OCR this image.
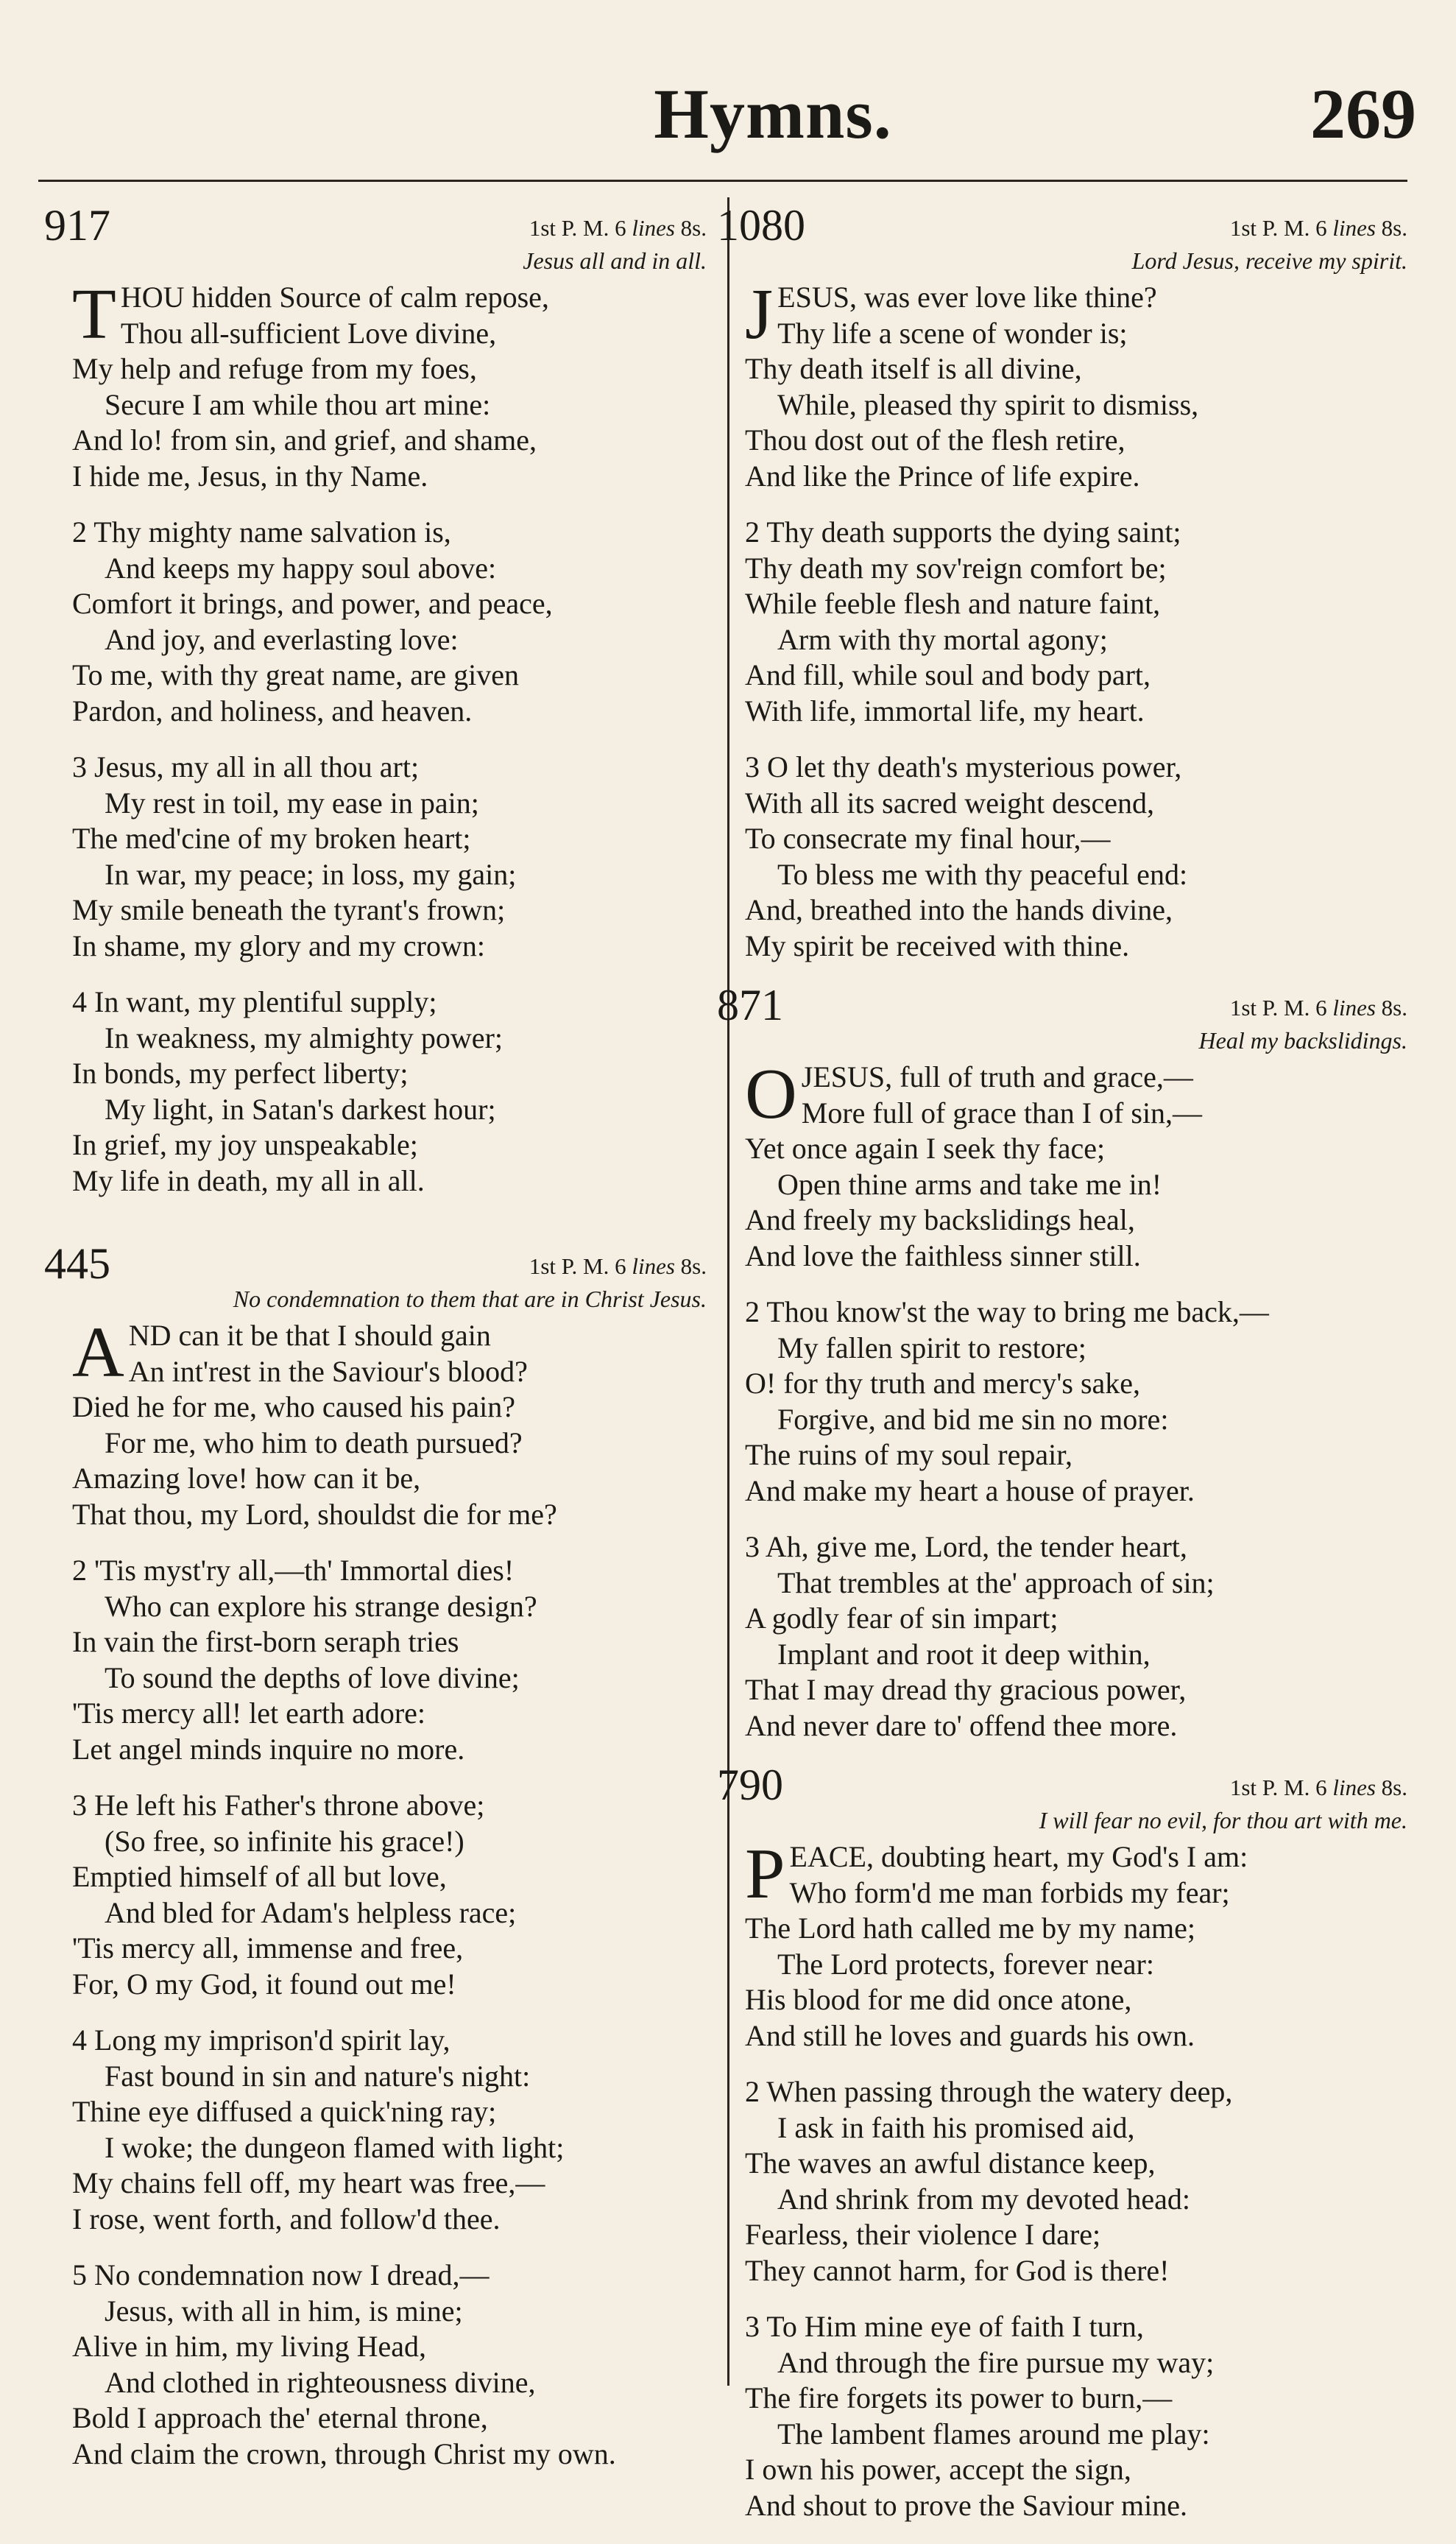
Hymns.	269
917	1st P. M. 6 lines 8s.
Jesus all and in all.
T HOU hidden Source of calm repose,
Thou all-sufficient Love divine,
My help and refuge from my foes,
Secure I am while thou art mine:
And lo! from sin, and grief, and shame,
I hide me, Jesus, in thy Name.
2 Thy mighty name salvation is,
And keeps my happy soul above:
Comfort it brings, and power, and peace,
And joy, and everlasting love:
To me, with thy great name, are given
Pardon, and holiness, and heaven.
3 Jesus, my all in all thou art;
My rest in toil, my ease in pain;
The med'cine of my broken heart;
In war, my peace; in loss, my gain;
My smile beneath the tyrant's frown;
In shame, my glory and my crown:
4 In want, my plentiful supply;
In weakness, my almighty power;
In bonds, my perfect liberty;
My light, in Satan's darkest hour;
In grief, my joy unspeakable;
My life in death, my all in all.
445	1st P. M. 6 lines 8s.
No condemnation to them that are in Christ Jesus.
A ND can it be that I should gain
An int'rest in the Saviour's blood?
Died he for me, who caused his pain?
For me, who him to death pursued?
Amazing love! how can it be,
That thou, my Lord, shouldst die for me?
2 'Tis myst'ry all,—th' Immortal dies!
Who can explore his strange design?
In vain the first-born seraph tries
To sound the depths of love divine;
'Tis mercy all! let earth adore:
Let angel minds inquire no more.
3 He left his Father's throne above;
(So free, so infinite his grace!)
Emptied himself of all but love,
And bled for Adam's helpless race;
'Tis mercy all, immense and free,
For, O my God, it found out me!
4 Long my imprison'd spirit lay,
Fast bound in sin and nature's night:
Thine eye diffused a quick'ning ray;
I woke; the dungeon flamed with light;
My chains fell off, my heart was free,—
I rose, went forth, and follow'd thee.
5 No condemnation now I dread,—
Jesus, with all in him, is mine;
Alive in him, my living Head,
And clothed in righteousness divine,
Bold I approach the' eternal throne,
And claim the crown, through Christ my own.
1080	1st P. M. 6 lines 8s.
Lord Jesus, receive my spirit.
J ESUS, was ever love like thine?
Thy life a scene of wonder is;
Thy death itself is all divine,
While, pleased thy spirit to dismiss,
Thou dost out of the flesh retire,
And like the Prince of life expire.
2 Thy death supports the dying saint;
Thy death my sov'reign comfort be;
While feeble flesh and nature faint,
Arm with thy mortal agony;
And fill, while soul and body part,
With life, immortal life, my heart.
3 O let thy death's mysterious power,
With all its sacred weight descend,
To consecrate my final hour,—
To bless me with thy peaceful end:
And, breathed into the hands divine,
My spirit be received with thine.
871	1st P. M. 6 lines 8s.
Heal my backslidings.
O JESUS, full of truth and grace,—
More full of grace than I of sin,—
Yet once again I seek thy face;
Open thine arms and take me in!
And freely my backslidings heal,
And love the faithless sinner still.
2 Thou know'st the way to bring me back,—
My fallen spirit to restore;
O! for thy truth and mercy's sake,
Forgive, and bid me sin no more:
The ruins of my soul repair,
And make my heart a house of prayer.
3 Ah, give me, Lord, the tender heart,
That trembles at the' approach of sin;
A godly fear of sin impart;
Implant and root it deep within,
That I may dread thy gracious power,
And never dare to' offend thee more.
790	1st P. M. 6 lines 8s.
I will fear no evil, for thou art with me.
P EACE, doubting heart, my God's I am:
Who form'd me man forbids my fear;
The Lord hath called me by my name;
The Lord protects, forever near:
His blood for me did once atone,
And still he loves and guards his own.
2 When passing through the watery deep,
I ask in faith his promised aid,
The waves an awful distance keep,
And shrink from my devoted head:
Fearless, their violence I dare;
They cannot harm, for God is there!
3 To Him mine eye of faith I turn,
And through the fire pursue my way;
The fire forgets its power to burn,—
The lambent flames around me play:
I own his power, accept the sign,
And shout to prove the Saviour mine.
